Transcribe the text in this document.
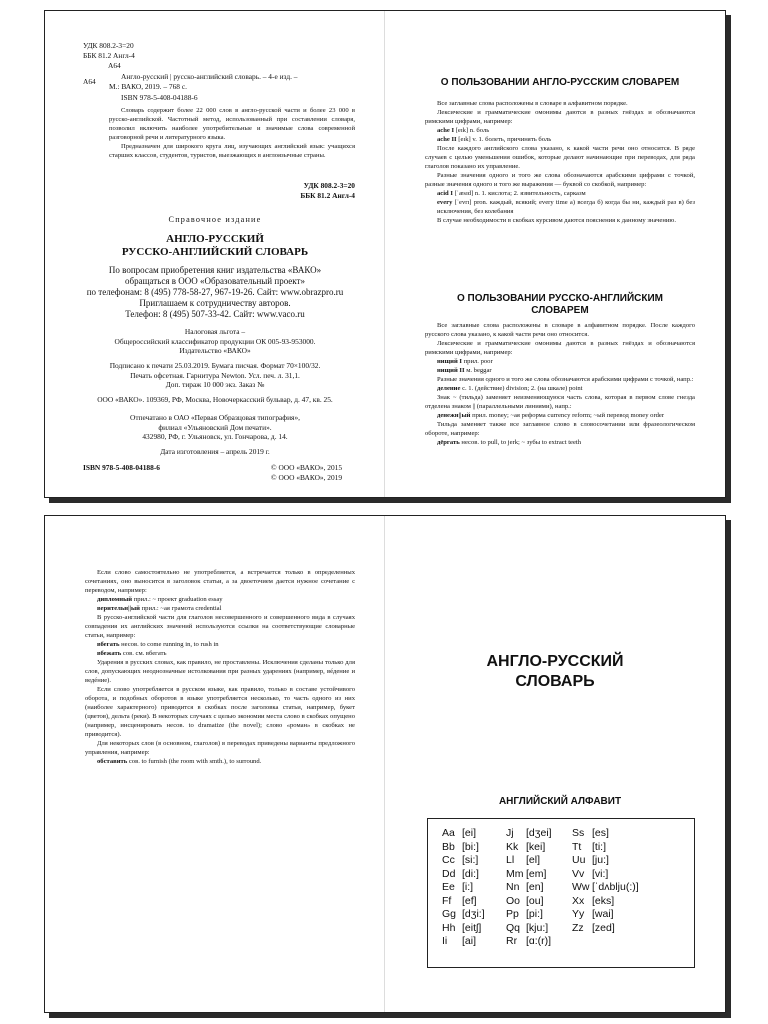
УДК 808.2-3=20
ББК 81.2 Англ-4
А64
А64

Англо-русский | русско-английский словарь. – 4-е изд. –

М.: ВАКО, 2019. – 768 с.

ISBN 978-5-408-04188-6

Словарь содержит более 22 000 слов в англо-русской части и более 23 000 в русско-английской. Частотный метод, использованный при составлении словаря, позволил включить наиболее употребительные и значимые слова современной разговорной речи и литературного языка.

Предназначен для широкого круга лиц, изучающих английский язык: учащихся старших классов, студентов, туристов, выезжающих в англоязычные страны.

УДК 808.2-3=20
ББК 81.2 Англ-4
Справочное издание
АНГЛО-РУССКИЙ
РУССКО-АНГЛИЙСКИЙ СЛОВАРЬ

По вопросам приобретения книг издательства «ВАКО»

обращаться в ООО «Образовательный проект»

по телефонам: 8 (495) 778-58-27, 967-19-26. Сайт: www.obrazpro.ru

Приглашаем к сотрудничеству авторов.

Телефон: 8 (495) 507-33-42. Сайт: www.vaco.ru

Налоговая льгота –

Общероссийский классификатор продукции ОК 005-93-953000.

Издательство «ВАКО»

Подписано к печати 25.03.2019. Бумага писчая. Формат 70×100/32.

Печать офсетная. Гарнитура Newton. Усл. печ. л. 31,1.

Доп. тираж 10 000 экз. Заказ №

ООО «ВАКО». 109369, РФ, Москва, Новочеркасский бульвар, д. 47, кв. 25.

Отпечатано в ОАО «Первая Образцовая типография»,

филиал «Ульяновский Дом печати».

432980, РФ, г. Ульяновск, ул. Гончарова, д. 14.

Дата изготовления – апрель 2019 г.
ISBN 978-5-408-04188-6	© ООО «ВАКО», 2015
© ООО «ВАКО», 2019
О ПОЛЬЗОВАНИИ АНГЛО-РУССКИМ СЛОВАРЕМ

Все заглавные слова расположены в словаре в алфавитном порядке.

Лексические и грамматические омонимы даются в разных гнёздах и обозначаются римскими цифрами, например:

ache I [eɪk] n. боль

ache II [eɪk] v. 1. болеть, причинять боль

После каждого английского слова указано, к какой части речи оно относится. В ряде случаев с целью уменьшения ошибок, которые делают начинающие при переводах, для ряда глаголов показано их управление.

Разные значения одного и того же слова обозначаются арабскими цифрами с точкой, разные значения одного и того же выражения — буквой со скобкой, например:

acid I [ˈæsɪd] n. 1. кислота; 2. язвительность, сарказм

every [ˈevrɪ] pron. каждый, всякий; every time а) всегда б) когда бы ни, каждый раз в) без исключения, без колебания

В случае необходимости в скобках курсивом даются пояснения к данному значению.

О ПОЛЬЗОВАНИИ РУССКО-АНГЛИЙСКИМ

СЛОВАРЕМ

Все заглавные слова расположены в словаре в алфавитном порядке. После каждого русского слова указано, к какой части речи оно относится.

Лексические и грамматические омонимы даются в разных гнёздах и обозначаются римскими цифрами, например:

нищий I прил. poor

нищий II м. beggar

Разные значения одного и того же слова обозначаются арабскими цифрами с точкой, напр.:

деление с. 1. (действие) division; 2. (на шкале) point

Знак ~ (тильда) заменяет неизменяющуюся часть слова, которая в первом слове гнезда отделена знаком || (параллельными линиями), напр.:

денежн||ый прил. money; ~ая реформа currency reform; ~ый перевод money order

Тильда заменяет также все заглавное слово в словосочетании или фразеологическом обороте, например:

дёргать несов. to pull, to jerk; ~ зубы to extract teeth

Если слово самостоятельно не употребляется, а встречается только в определенных сочетаниях, оно выносится в заголовок статьи, а за двоеточием дается нужное сочетание с переводом, например:

дипломный прил.: ~ проект graduation essay

верительн||ый прил.: ~ая грамота credential

В русско-английской части для глаголов несовершенного и совершенного вида в случаях совпадения их английских значений используются ссылки на соответствующие словарные статьи, например:

вбегать несов. to come running in, to rush in

вбежать сов. см. вбегать

Ударения в русских словах, как правило, не проставлены. Исключения сделаны только для слов, допускающих неоднозначные истолкования при разных ударениях (например, вéдение и ведéние).

Если слово употребляется в русском языке, как правило, только в составе устойчивого оборота, и подобных оборотов в языке употребляется несколько, то часть одного из них (наиболее характерного) приводится в скобках после заголовка статьи, например, букет (цветов), дельта (реки). В некоторых случаях с целью экономии места слово в скобках опущено (например, инсценировать несов. to dramatize (the novel); слово «роман» в скобках не приводится).

Для некоторых слов (в основном, глаголов) в переводах приведены варианты предложного управления, например:

обставить сов. to furnish (the room with smth.), to surround.

АНГЛО-РУССКИЙ

СЛОВАРЬ

АНГЛИЙСКИЙ АЛФАВИТ
Aa [ei]	Jj	[dʒei]	Ss [es]
Bb [bi:]	Kk [kei]	Tt	[ti:]
Cc [si:]	Ll	[el]	Uu [ju:]
Dd [di:]	Mm [em]	Vv [vi:]
Ee [i:]	Nn [en]	Ww [ˈdʌblju(:)]
Ff	[ef]	Oo [ou]	Xx [eks]
Gg [dʒi:]	Pp [pi:]	Yy [wai]
Hh [eitʃ]	Qq [kju:]	Zz [zed]
Ii	[ai]	Rr [ɑ:(r)]
